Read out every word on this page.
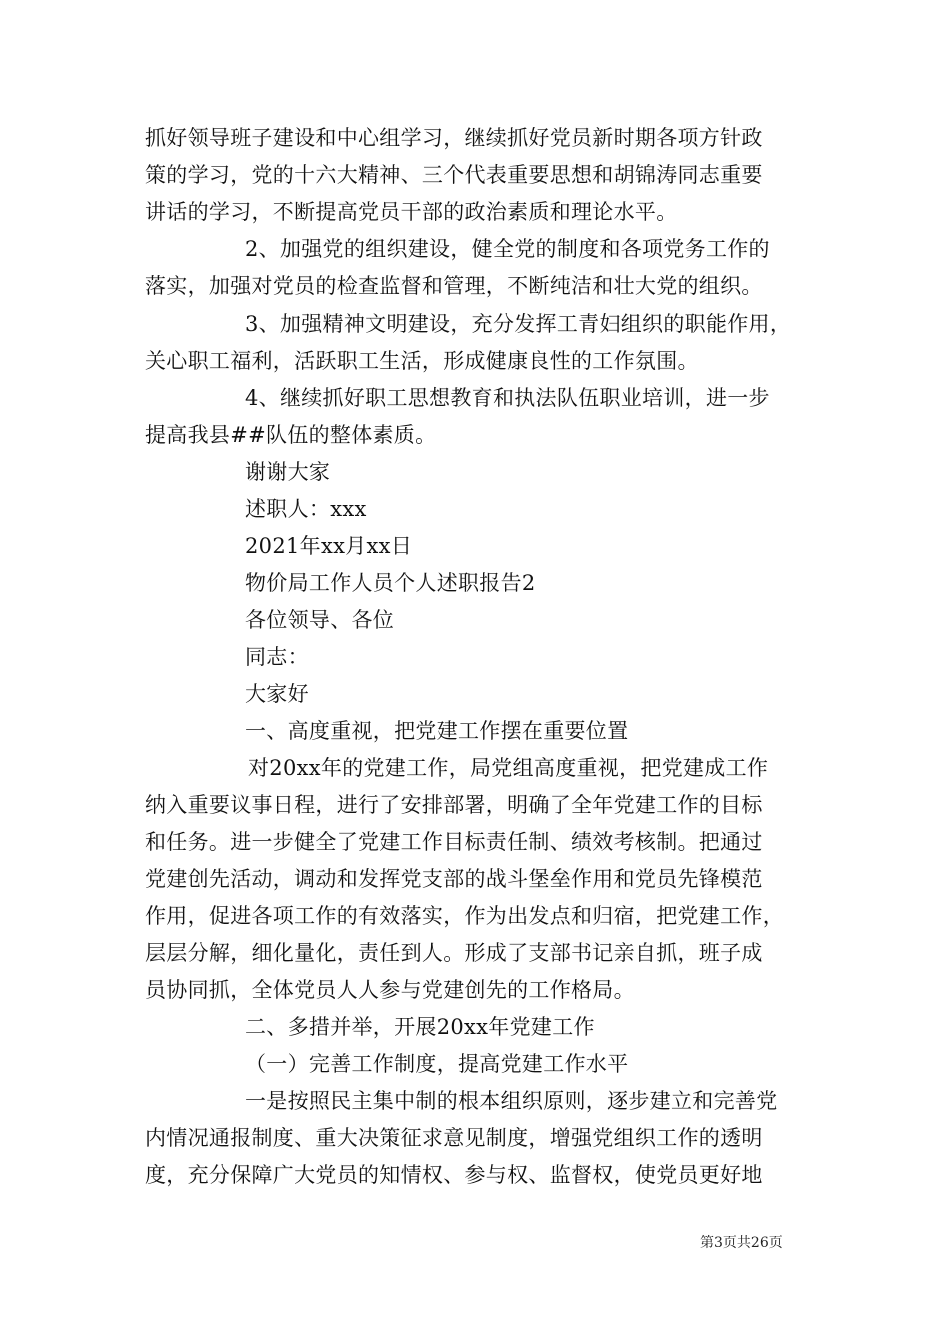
抓好领导班子建设和中心组学习，继续抓好党员新时期各项方针政
策的学习，党的十六大精神、三个代表重要思想和胡锦涛同志重要
讲话的学习，不断提高党员干部的政治素质和理论水平。
2、加强党的组织建设，健全党的制度和各项党务工作的
落实，加强对党员的检查监督和管理，不断纯洁和壮大党的组织。
3、加强精神文明建设，充分发挥工青妇组织的职能作用，
关心职工福利，活跃职工生活，形成健康良性的工作氛围。
4、继续抓好职工思想教育和执法队伍职业培训，进一步
提高我县##队伍的整体素质。
谢谢大家
述职人：xxx
2021年xx月xx日
物价局工作人员个人述职报告2
各位领导、各位
同志：
大家好
一、高度重视，把党建工作摆在重要位置
对20xx年的党建工作，局党组高度重视，把党建成工作
纳入重要议事日程，进行了安排部署，明确了全年党建工作的目标
和任务。进一步健全了党建工作目标责任制、绩效考核制。把通过
党建创先活动，调动和发挥党支部的战斗堡垒作用和党员先锋模范
作用，促进各项工作的有效落实，作为出发点和归宿，把党建工作，
层层分解，细化量化，责任到人。形成了支部书记亲自抓，班子成
员协同抓，全体党员人人参与党建创先的工作格局。
二、多措并举，开展20xx年党建工作
（一）完善工作制度，提高党建工作水平
一是按照民主集中制的根本组织原则，逐步建立和完善党
内情况通报制度、重大决策征求意见制度，增强党组织工作的透明
度，充分保障广大党员的知情权、参与权、监督权，使党员更好地
第3页共26页
